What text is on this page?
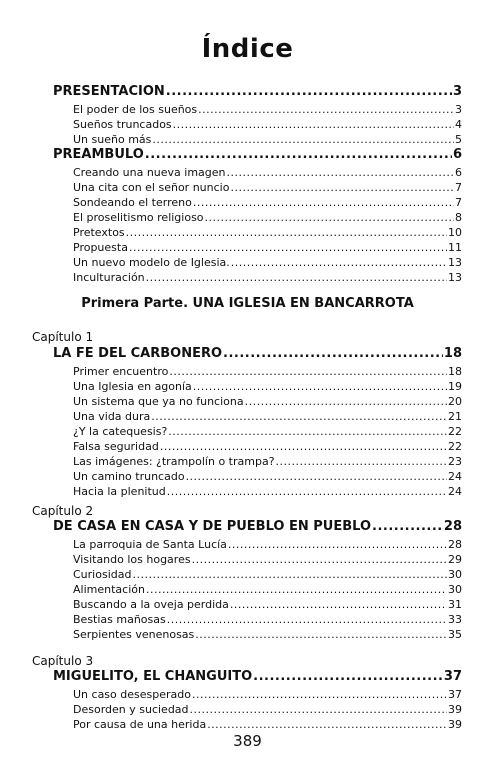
Índice
PRESENTACIÓN .....	3
El poder de los sueños .....	3
Sueños truncados .....	4
Un sueño más .....	5
PREÁMBULO .....	6
Creando una nueva imagen .....	6
Una cita con el señor nuncio .....	7
Sondeando el terreno .....	7
El proselitismo religioso .....	8
Pretextos .....	10
Propuesta .....	11
Un nuevo modelo de Iglesia. .....	13
Inculturación .....	13
Primera Parte. UNA IGLESIA EN BANCARROTA
Capítulo 1
LA FE DEL CARBONERO .....	18
Primer encuentro .....	18
Una Iglesia en agonía .....	19
Un sistema que ya no funciona .....	20
Una vida dura .....	21
¿Y la catequesis? .....	22
Falsa seguridad .....	22
Las imágenes: ¿trampolín o trampa? .....	23
Un camino truncado .....	24
Hacia la plenitud .....	24
Capítulo 2
DE CASA EN CASA Y DE PUEBLO EN PUEBLO .....	28
La parroquia de Santa Lucía .....	28
Visitando los hogares .....	29
Curiosidad .....	30
Alimentación .....	30
Buscando a la oveja perdida .....	31
Bestias mañosas .....	33
Serpientes venenosas .....	35
Capítulo 3
MIGUELITO, EL CHANGUITO .....	37
Un caso desesperado .....	37
Desorden y suciedad .....	39
Por causa de una herida .....	39
389
